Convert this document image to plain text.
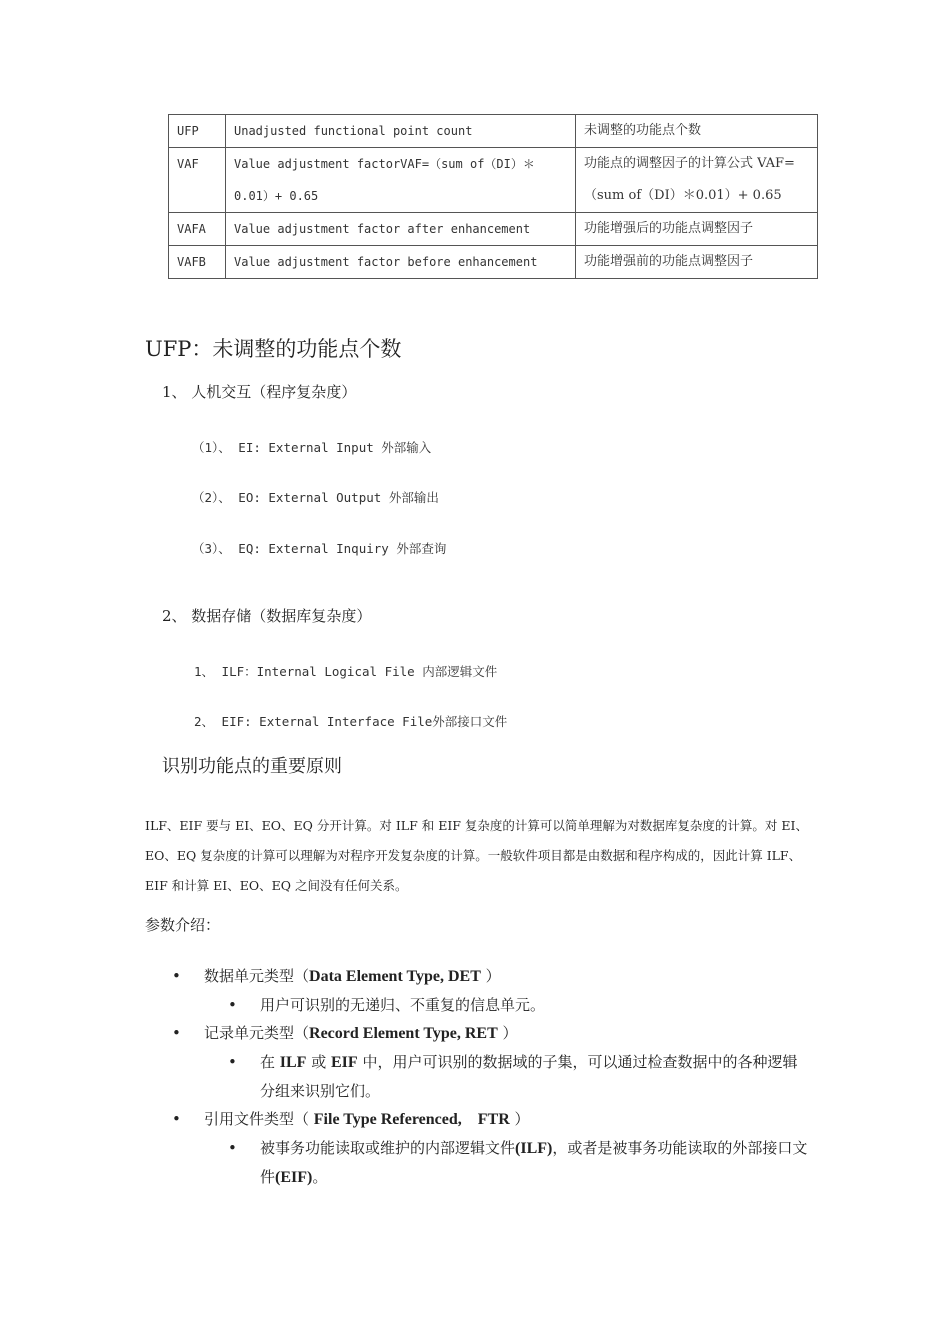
UFP	Unadjusted functional point count	未调整的功能点个数
VAF	Value adjustment factorVAF=（sum of（DI）＊0.01）+ 0.65	功能点的调整因子的计算公式 VAF=（sum of（DI）＊0.01）+ 0.65
VAFA	Value adjustment factor after enhancement	功能增强后的功能点调整因子
VAFB	Value adjustment factor before enhancement	功能增强前的功能点调整因子
UFP：未调整的功能点个数
1、 人机交互（程序复杂度）
（1）、 EI: External Input 外部输入
（2）、 EO: External Output 外部输出
（3）、 EQ: External Inquiry 外部查询
2、 数据存储（数据库复杂度）
1、 ILF：Internal Logical File 内部逻辑文件
2、 EIF: External Interface File外部接口文件
识别功能点的重要原则

ILF、EIF 要与 EI、EO、EQ 分开计算。对 ILF 和 EIF 复杂度的计算可以简单理解为对数据库复杂度的计算。对 EI、EO、EQ 复杂度的计算可以理解为对程序开发复杂度的计算。一般软件项目都是由数据和程序构成的，因此计算 ILF、EIF 和计算 EI、EO、EQ 之间没有任何关系。

参数介绍：
•	数据单元类型（Data Element Type, DET ）
•	用户可识别的无递归、不重复的信息单元。
•	记录单元类型（Record Element Type, RET ）
•	在 ILF 或 EIF 中，用户可识别的数据域的子集，可以通过检查数据中的各种逻辑分组来识别它们。
•	引用文件类型（ File Type Referenced,　FTR ）
•	被事务功能读取或维护的内部逻辑文件(ILF)，或者是被事务功能读取的外部接口文件(EIF)。
